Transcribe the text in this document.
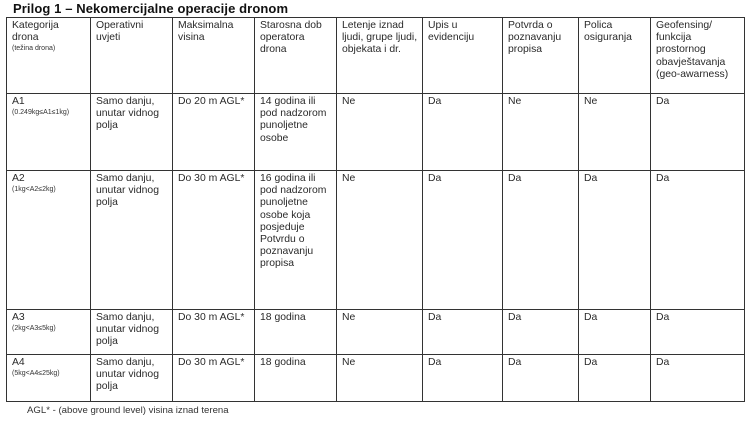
Prilog 1 – Nekomercijalne operacije dronom
Kategorija drona
(težina drona)	Operativni uvjeti	Maksimalna visina	Starosna dob operatora drona	Letenje iznad ljudi, grupe ljudi, objekata i dr.	Upis u evidenciju	Potvrda o poznavanju propisa	Polica osiguranja	Geofensing/ funkcija prostornog obavještavanja (geo-awarness)

A1
(0.249kg≤A1≤1kg)	Samo danju, unutar vidnog polja	Do 20 m AGL*	14 godina ili pod nadzorom punoljetne osobe	Ne	Da	Ne	Ne	Da

A2
(1kg<A2≤2kg)	Samo danju, unutar vidnog polja	Do 30 m AGL*	16 godina ili pod nadzorom punoljetne osobe koja posjeduje Potvrdu o poznavanju propisa	Ne	Da	Da	Da	Da

A3
(2kg<A3≤5kg)	Samo danju, unutar vidnog polja	Do 30 m AGL*	18 godina	Ne	Da	Da	Da	Da

A4
(5kg<A4≤25kg)	Samo danju, unutar vidnog polja	Do 30 m AGL*	18 godina	Ne	Da	Da	Da	Da
AGL* - (above ground level) visina iznad terena
